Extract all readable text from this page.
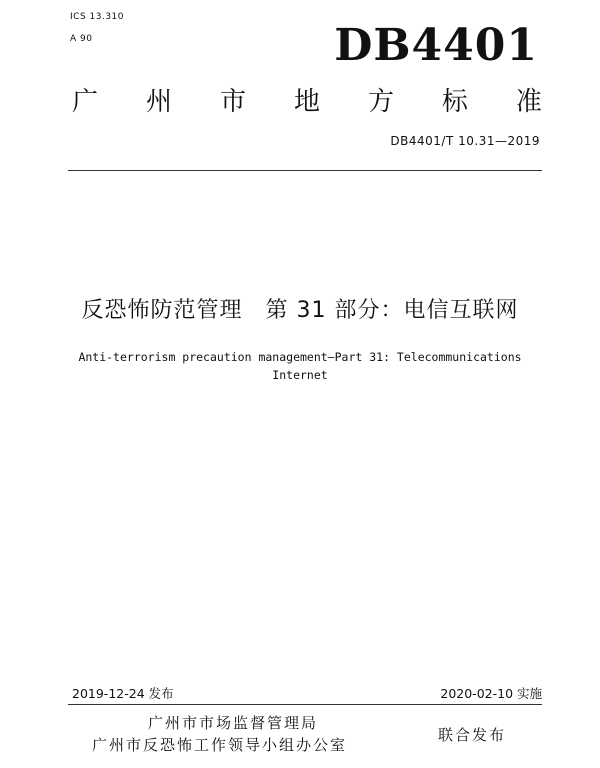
ICS 13.310
A 90	DB4401
广 州 市 地 方 标 准
DB4401/T 10.31—2019
反恐怖防范管理　第 31 部分：电信互联网
Anti-terrorism precaution management—Part 31: Telecommunications
Internet
2019-12-24 发布	2020-02-10 实施
广州市市场监督管理局
广州市反恐怖工作领导小组办公室
联合发布
